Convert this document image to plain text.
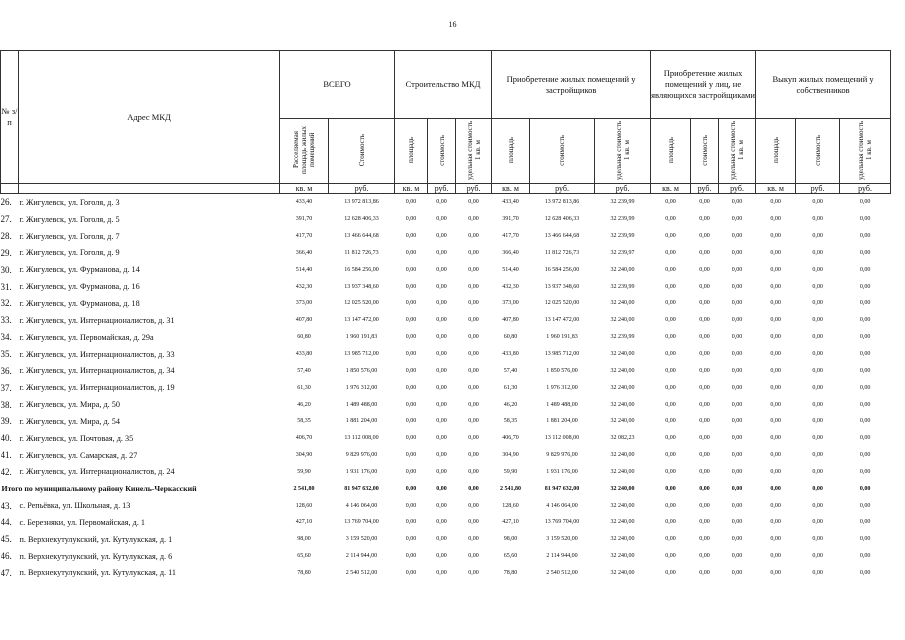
16
№ з/п	Адрес МКД	ВСЕГО		Строительство МКД			Приобретение жилых помещений у застройщиков			Приобретение жилых помещений у лиц, не являющихся застройщиками			Выкуп жилых помещений у собственников		
		Расселяемая площадь жилых помещений	Стоимость	площадь	стоимость	удельная стоимость 1 кв. м	площадь	стоимость	удельная стоимость 1 кв. м	площадь	стоимость	удельная стоимость 1 кв. м	площадь	стоимость	удельная стоимость 1 кв. м
		кв. м	руб.	кв. м	руб.	руб.	кв. м	руб.	руб.	кв. м	руб.	руб.	кв. м	руб.	руб.
26.	г. Жигулевск, ул. Гоголя, д. 3	433,40	13 972 813,86	0,00	0,00	0,00	433,40	13 972 813,86	32 239,99	0,00	0,00	0,00	0,00	0,00	0,00
27.	г. Жигулевск, ул. Гоголя, д. 5	391,70	12 628 406,33	0,00	0,00	0,00	391,70	12 628 406,33	32 239,99	0,00	0,00	0,00	0,00	0,00	0,00
28.	г. Жигулевск, ул. Гоголя, д. 7	417,70	13 466 644,68	0,00	0,00	0,00	417,70	13 466 644,68	32 239,99	0,00	0,00	0,00	0,00	0,00	0,00
29.	г. Жигулевск, ул. Гоголя, д. 9	366,40	11 812 726,73	0,00	0,00	0,00	366,40	11 812 726,73	32 239,97	0,00	0,00	0,00	0,00	0,00	0,00
30.	г. Жигулевск, ул. Фурманова, д. 14	514,40	16 584 256,00	0,00	0,00	0,00	514,40	16 584 256,00	32 240,00	0,00	0,00	0,00	0,00	0,00	0,00
31.	г. Жигулевск, ул. Фурманова, д. 16	432,30	13 937 348,60	0,00	0,00	0,00	432,30	13 937 348,60	32 239,99	0,00	0,00	0,00	0,00	0,00	0,00
32.	г. Жигулевск, ул. Фурманова, д. 18	373,00	12 025 520,00	0,00	0,00	0,00	373,00	12 025 520,00	32 240,00	0,00	0,00	0,00	0,00	0,00	0,00
33.	г. Жигулевск, ул. Интернационалистов, д. 31	407,80	13 147 472,00	0,00	0,00	0,00	407,80	13 147 472,00	32 240,00	0,00	0,00	0,00	0,00	0,00	0,00
34.	г. Жигулевск, ул. Первомайская, д. 29а	60,80	1 960 191,83	0,00	0,00	0,00	60,80	1 960 191,83	32 239,99	0,00	0,00	0,00	0,00	0,00	0,00
35.	г. Жигулевск, ул. Интернационалистов, д. 33	433,80	13 985 712,00	0,00	0,00	0,00	433,80	13 985 712,00	32 240,00	0,00	0,00	0,00	0,00	0,00	0,00
36.	г. Жигулевск, ул. Интернационалистов, д. 34	57,40	1 850 576,00	0,00	0,00	0,00	57,40	1 850 576,00	32 240,00	0,00	0,00	0,00	0,00	0,00	0,00
37.	г. Жигулевск, ул. Интернационалистов, д. 19	61,30	1 976 312,00	0,00	0,00	0,00	61,30	1 976 312,00	32 240,00	0,00	0,00	0,00	0,00	0,00	0,00
38.	г. Жигулевск, ул. Мира, д. 50	46,20	1 489 488,00	0,00	0,00	0,00	46,20	1 489 488,00	32 240,00	0,00	0,00	0,00	0,00	0,00	0,00
39.	г. Жигулевск, ул. Мира, д. 54	58,35	1 881 204,00	0,00	0,00	0,00	58,35	1 881 204,00	32 240,00	0,00	0,00	0,00	0,00	0,00	0,00
40.	г. Жигулевск, ул. Почтовая, д. 35	406,70	13 112 008,00	0,00	0,00	0,00	406,70	13 112 008,00	32 082,23	0,00	0,00	0,00	0,00	0,00	0,00
41.	г. Жигулевск, ул. Самарская, д. 27	304,90	9 829 976,00	0,00	0,00	0,00	304,90	9 829 976,00	32 240,00	0,00	0,00	0,00	0,00	0,00	0,00
42.	г. Жигулевск, ул. Интернационалистов, д. 24	59,90	1 931 176,00	0,00	0,00	0,00	59,90	1 931 176,00	32 240,00	0,00	0,00	0,00	0,00	0,00	0,00
Итого по муниципальному району Кинель-Черкасский		2 541,80	81 947 632,00	0,00	0,00	0,00	2 541,80	81 947 632,00	32 240,00	0,00	0,00	0,00	0,00	0,00	0,00
43.	с. Репьёвка, ул. Школьная, д. 13	128,60	4 146 064,00	0,00	0,00	0,00	128,60	4 146 064,00	32 240,00	0,00	0,00	0,00	0,00	0,00	0,00
44.	с. Березняки, ул. Первомайская, д. 1	427,10	13 769 704,00	0,00	0,00	0,00	427,10	13 769 704,00	32 240,00	0,00	0,00	0,00	0,00	0,00	0,00
45.	п. Верхнекутулукский, ул. Кутулукская, д. 1	98,00	3 159 520,00	0,00	0,00	0,00	98,00	3 159 520,00	32 240,00	0,00	0,00	0,00	0,00	0,00	0,00
46.	п. Верхнекутулукский, ул. Кутулукская, д. 6	65,60	2 114 944,00	0,00	0,00	0,00	65,60	2 114 944,00	32 240,00	0,00	0,00	0,00	0,00	0,00	0,00
47.	п. Верхнекутулукский, ул. Кутулукская, д. 11	78,80	2 540 512,00	0,00	0,00	0,00	78,80	2 540 512,00	32 240,00	0,00	0,00	0,00	0,00	0,00	0,00
